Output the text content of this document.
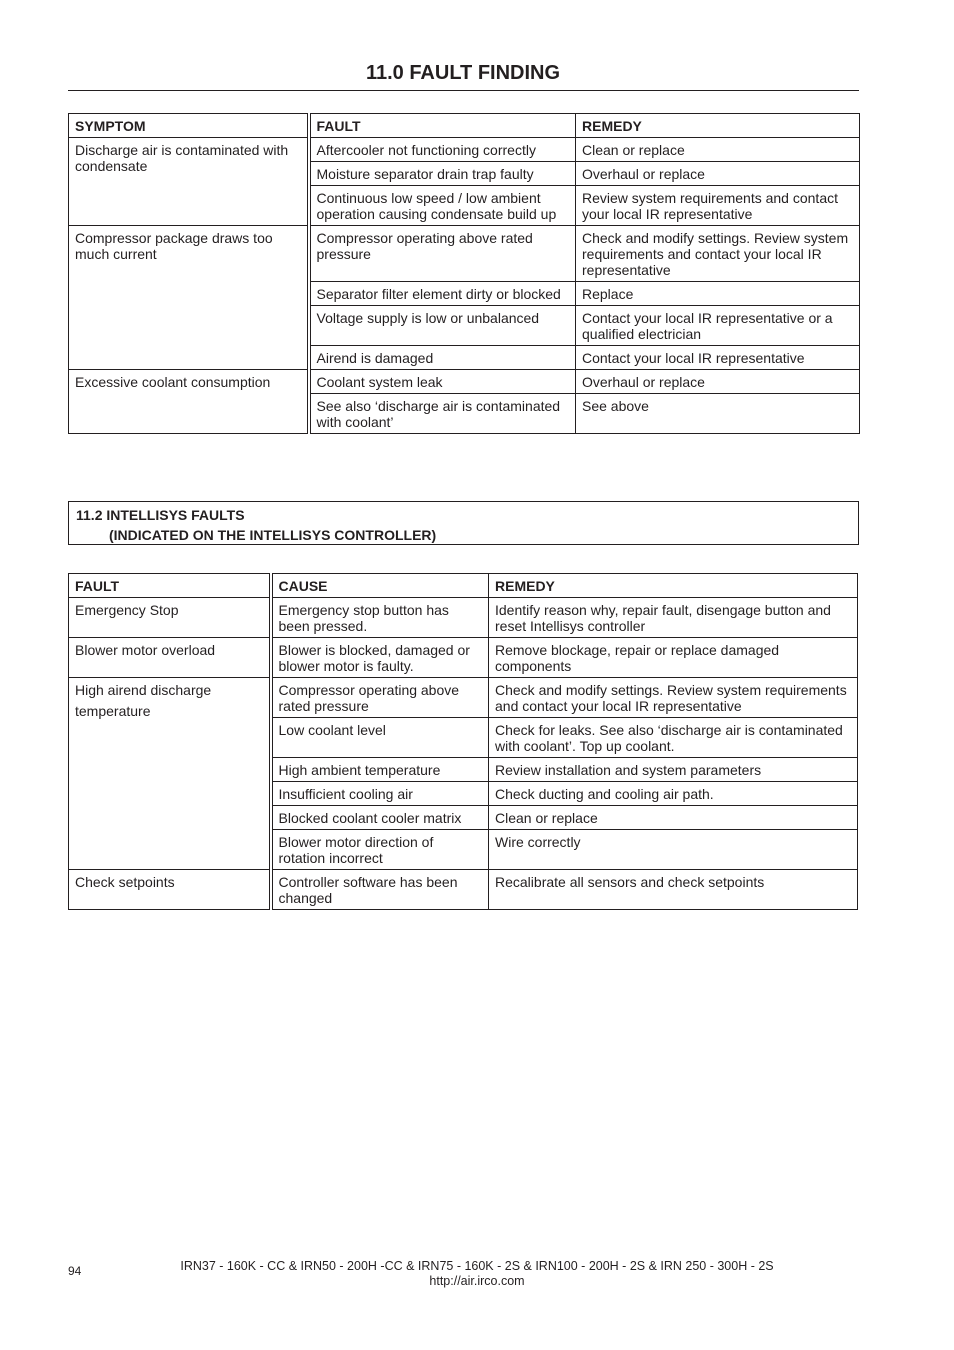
11.0 FAULT FINDING
SYMPTOM	FAULT	REMEDY
Discharge air is contaminated with condensate	Aftercooler not functioning correctly	Clean or replace
	Moisture separator drain trap faulty	Overhaul or replace
	Continuous low speed / low ambient operation causing condensate build up	Review system requirements and contact your local IR representative
Compressor package draws too much current	Compressor operating above rated pressure	Check and modify settings. Review system requirements and contact your local IR representative
	Separator filter element dirty or blocked	Replace
	Voltage supply is low or unbalanced	Contact your local IR representative or a qualified electrician
	Airend is damaged	Contact your local IR representative
Excessive coolant consumption	Coolant system leak	Overhaul or replace
	See also ‘discharge air is contaminated with coolant’	See above
11.2 INTELLISYS FAULTS
(INDICATED ON THE INTELLISYS CONTROLLER)
FAULT	CAUSE	REMEDY
Emergency Stop	Emergency stop button has been pressed.	Identify reason why, repair fault, disengage button and reset Intellisys controller
Blower motor overload	Blower is blocked, damaged or blower motor is faulty.	Remove blockage, repair or replace damaged components
High airend discharge temperature	Compressor operating above rated pressure	Check and modify settings. Review system requirements and contact your local IR representative
	Low coolant level	Check for leaks. See also ‘discharge air is contaminated with coolant’. Top up coolant.
	High ambient temperature	Review installation and system parameters
	Insufficient cooling air	Check ducting and cooling air path.
	Blocked coolant cooler matrix	Clean or replace
	Blower motor direction of rotation incorrect	Wire correctly
Check setpoints	Controller software has been changed	Recalibrate all sensors and check setpoints
94	IRN37 - 160K - CC & IRN50 - 200H -CC & IRN75 - 160K - 2S & IRN100 - 200H - 2S & IRN 250 - 300H - 2S
http://air.irco.com
